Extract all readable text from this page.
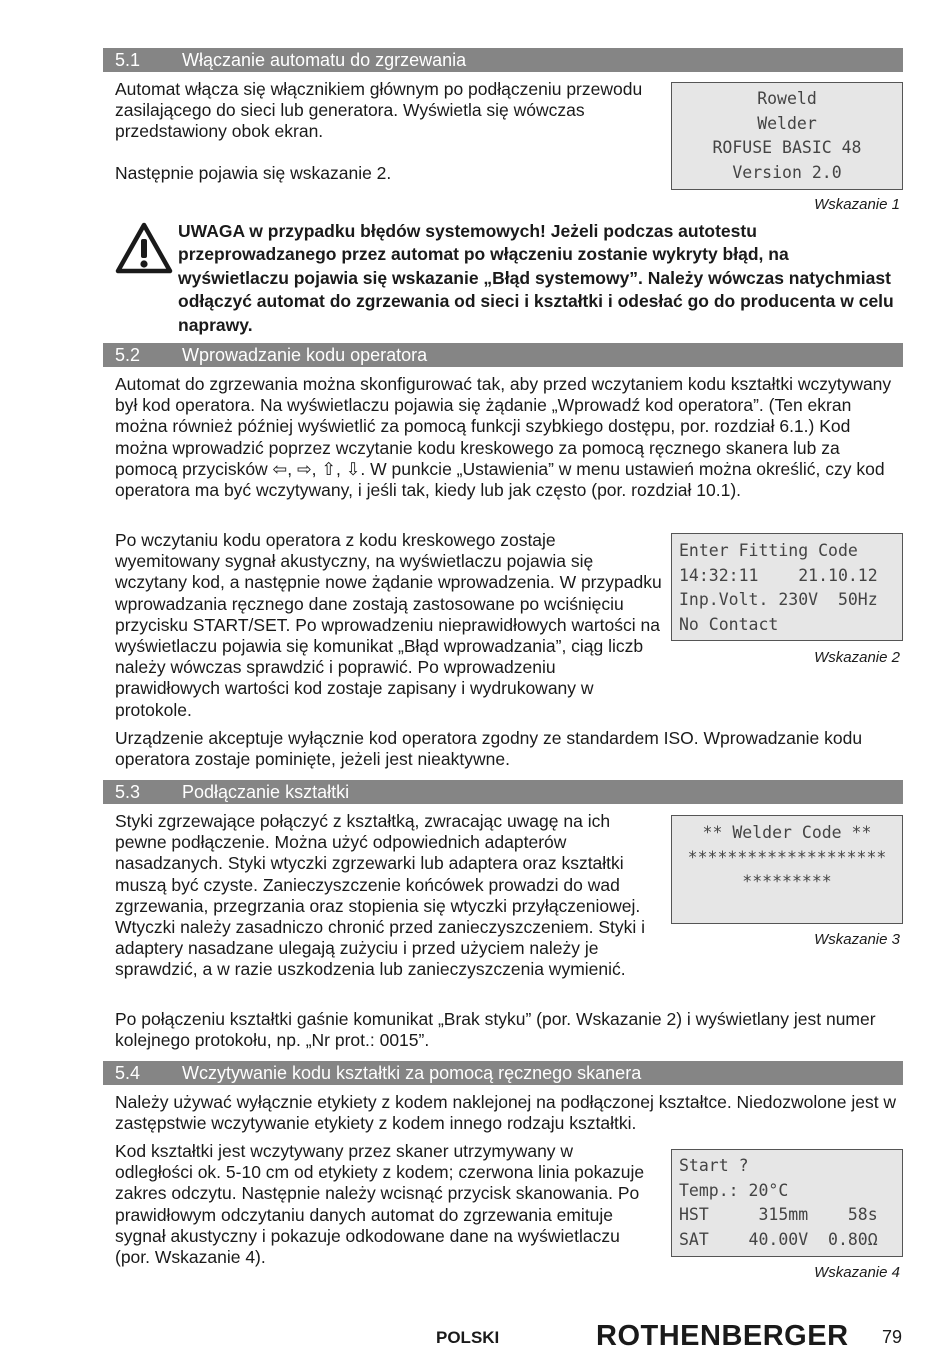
5.1 Włączanie automatu do zgrzewania

Automat włącza się włącznikiem głównym po podłączeniu przewodu zasilającego do sieci lub generatora. Wyświetla się wówczas przedstawiony obok ekran.

Następnie pojawia się wskazanie 2.

Roweld
Welder
ROFUSE BASIC 48
Version 2.0
Wskazanie 1

UWAGA w przypadku błędów systemowych! Jeżeli podczas autotestu przeprowadzanego przez automat po włączeniu zostanie wykryty błąd, na wyświetlaczu pojawia się wskazanie „Błąd systemowy”. Należy wówczas natychmiast odłączyć automat do zgrzewania od sieci i kształtki i odesłać go do producenta w celu naprawy.

5.2 Wprowadzanie kodu operatora

Automat do zgrzewania można skonfigurować tak, aby przed wczytaniem kodu kształtki wczytywany był kod operatora. Na wyświetlaczu pojawia się żądanie „Wprowadź kod operatora”. (Ten ekran można również później wyświetlić za pomocą funkcji szybkiego dostępu, por. rozdział 6.1.) Kod można wprowadzić poprzez wczytanie kodu kreskowego za pomocą ręcznego skanera lub za pomocą przycisków ⇦, ⇨, ⇧, ⇩. W punkcie „Ustawienia” w menu ustawień można określić, czy kod operatora ma być wczytywany, i jeśli tak, kiedy lub jak często (por. rozdział 10.1).

Po wczytaniu kodu operatora z kodu kreskowego zostaje wyemitowany sygnał akustyczny, na wyświetlaczu pojawia się wczytany kod, a następnie nowe żądanie wprowadzenia. W przypadku wprowadzania ręcznego dane zostają zastosowane po wciśnięciu przycisku START/SET. Po wprowadzeniu nieprawidłowych wartości na wyświetlaczu pojawia się komunikat „Błąd wprowadzania”, ciąg liczb należy wówczas sprawdzić i poprawić. Po wprowadzeniu prawidłowych wartości kod zostaje zapisany i wydrukowany w protokole.

Enter Fitting Code
14:32:11    21.10.12
Inp.Volt. 230V  50Hz
No Contact
Wskazanie 2

Urządzenie akceptuje wyłącznie kod operatora zgodny ze standardem ISO. Wprowadzanie kodu operatora zostaje pominięte, jeżeli jest nieaktywne.

5.3 Podłączanie kształtki

Styki zgrzewające połączyć z kształtką, zwracając uwagę na ich pewne podłączenie. Można użyć odpowiednich adapterów nasadzanych. Styki wtyczki zgrzewarki lub adaptera oraz kształtki muszą być czyste. Zanieczyszczenie końcówek prowadzi do wad zgrzewania, przegrzania oraz stopienia się wtyczki przyłączeniowej. Wtyczki należy zasadniczo chronić przed zanieczyszczeniem. Styki i adaptery nasadzane ulegają zużyciu i przed użyciem należy je sprawdzić, a w razie uszkodzenia lub zanieczyszczenia wymienić.

** Welder Code **
********************
*********
Wskazanie 3

Po połączeniu kształtki gaśnie komunikat „Brak styku” (por. Wskazanie 2) i wyświetlany jest numer kolejnego protokołu, np. „Nr prot.: 0015”.

5.4 Wczytywanie kodu kształtki za pomocą ręcznego skanera

Należy używać wyłącznie etykiety z kodem naklejonej na podłączonej kształtce. Niedozwolone jest w zastępstwie wczytywanie etykiety z kodem innego rodzaju kształtki.

Kod kształtki jest wczytywany przez skaner utrzymywany w odległości ok. 5-10 cm od etykiety z kodem; czerwona linia pokazuje zakres odczytu. Następnie należy wcisnąć przycisk skanowania. Po prawidłowym odczytaniu danych automat do zgrzewania emituje sygnał akustyczny i pokazuje odkodowane dane na wyświetlaczu (por. Wskazanie 4).

Start ?
Temp.: 20°C
HST     315mm    58s
SAT    40.00V  0.80Ω
Wskazanie 4
POLSKI	ROTHENBERGER 79
